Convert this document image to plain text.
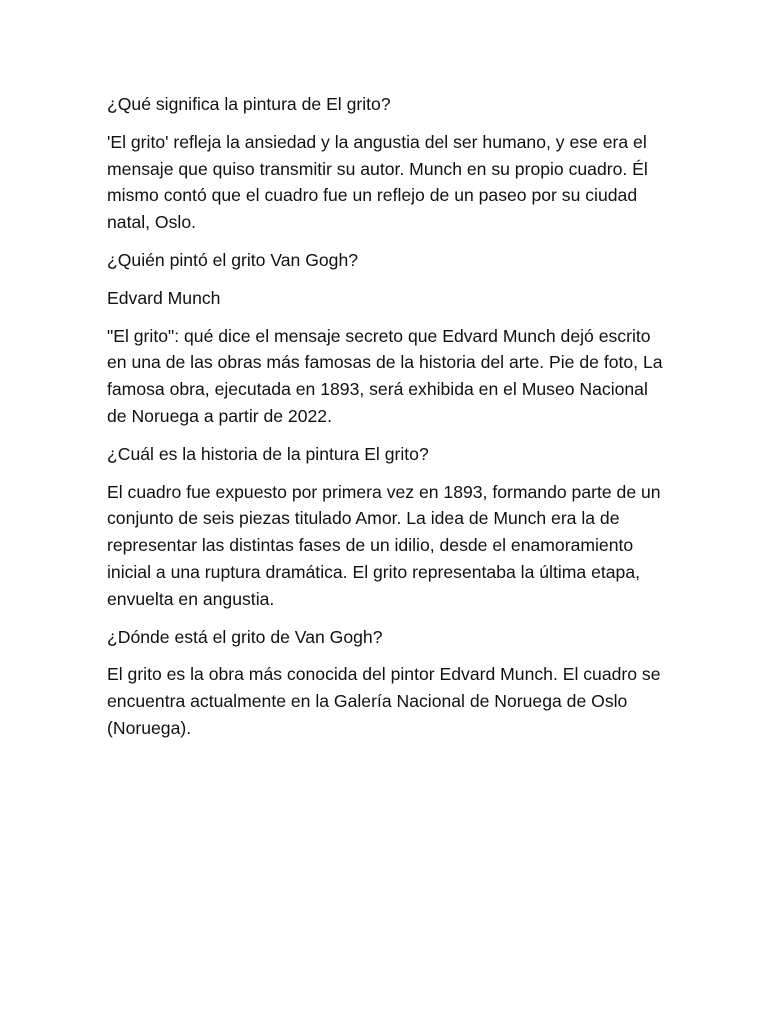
¿Qué significa la pintura de El grito?

'El grito' refleja la ansiedad y la angustia del ser humano, y ese era el mensaje que quiso transmitir su autor. Munch en su propio cuadro. Él mismo contó que el cuadro fue un reflejo de un paseo por su ciudad natal, Oslo.

¿Quién pintó el grito Van Gogh?

Edvard Munch

"El grito": qué dice el mensaje secreto que Edvard Munch dejó escrito en una de las obras más famosas de la historia del arte. Pie de foto, La famosa obra, ejecutada en 1893, será exhibida en el Museo Nacional de Noruega a partir de 2022.

¿Cuál es la historia de la pintura El grito?

El cuadro fue expuesto por primera vez en 1893, formando parte de un conjunto de seis piezas titulado Amor. La idea de Munch era la de representar las distintas fases de un idilio, desde el enamoramiento inicial a una ruptura dramática. El grito representaba la última etapa, envuelta en angustia.

¿Dónde está el grito de Van Gogh?

El grito es la obra más conocida del pintor Edvard Munch. El cuadro se encuentra actualmente en la Galería Nacional de Noruega de Oslo (Noruega).
